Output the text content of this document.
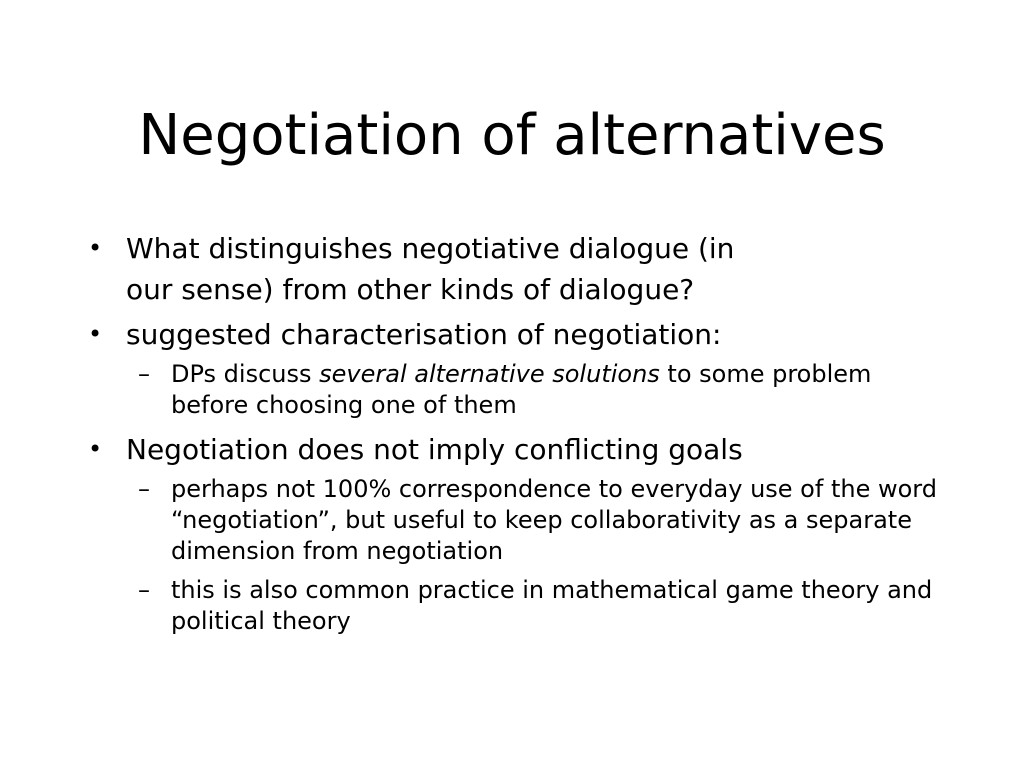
Negotiation of alternatives
• What distinguishes negotiative dialogue (in
our sense) from other kinds of dialogue?
• suggested characterisation of negotiation:
– DPs discuss several alternative solutions to some problem before choosing one of them
• Negotiation does not imply conflicting goals
– perhaps not 100% correspondence to everyday use of the word “negotiation”, but useful to keep collaborativity as a separate dimension from negotiation
– this is also common practice in mathematical game theory and political theory
